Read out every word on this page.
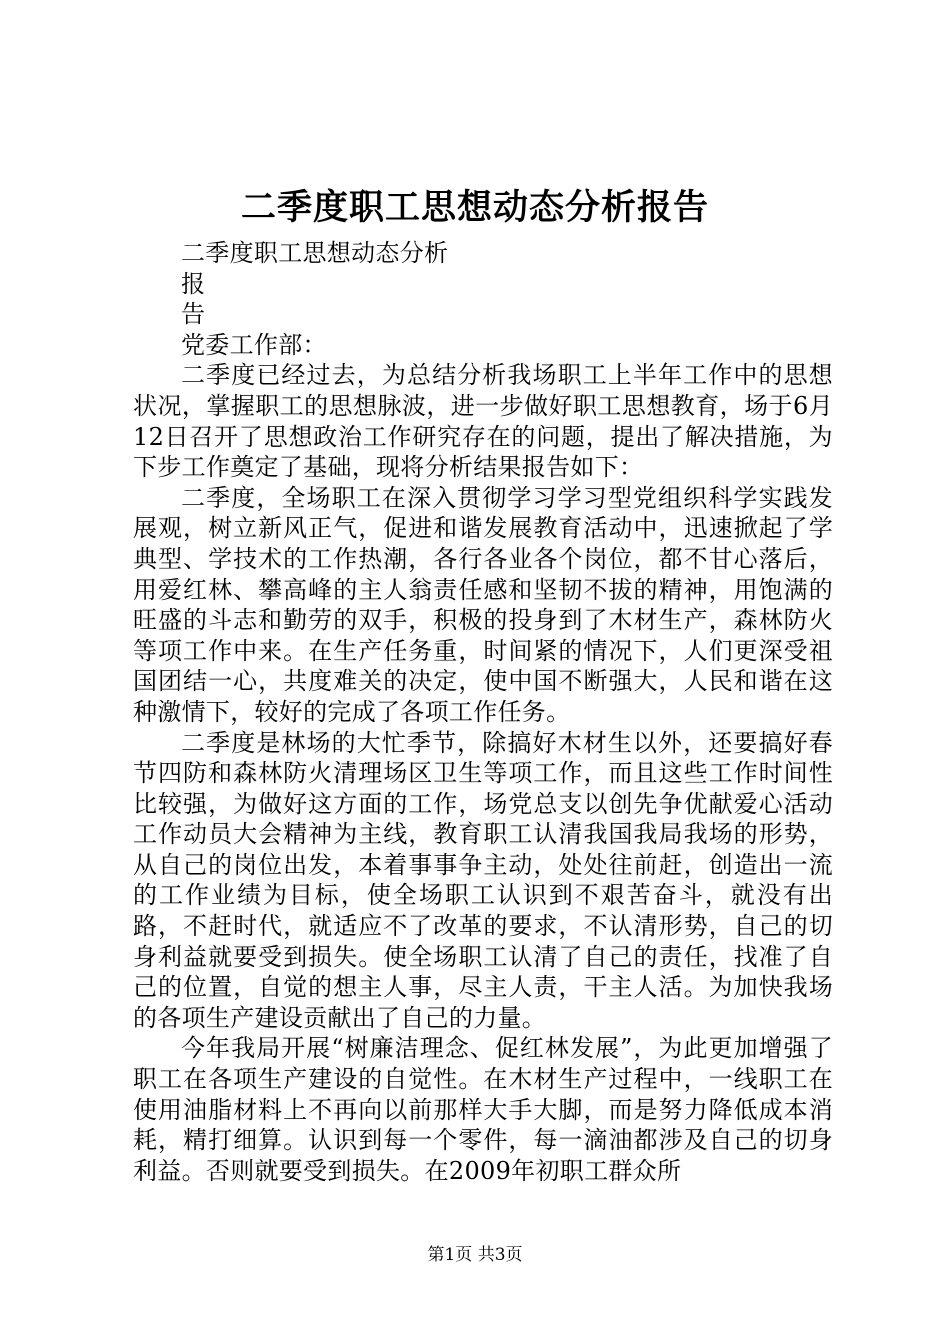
二季度职工思想动态分析报告

二季度职工思想动态分析

报

告

党委工作部：

二季度已经过去，为总结分析我场职工上半年工作中的思想状况，掌握职工的思想脉波，进一步做好职工思想教育，场于6月12日召开了思想政治工作研究存在的问题，提出了解决措施，为下步工作奠定了基础，现将分析结果报告如下：

二季度，全场职工在深入贯彻学习学习型党组织科学实践发展观，树立新风正气，促进和谐发展教育活动中，迅速掀起了学典型、学技术的工作热潮，各行各业各个岗位，都不甘心落后，用爱红林、攀高峰的主人翁责任感和坚韧不拔的精神，用饱满的旺盛的斗志和勤劳的双手，积极的投身到了木材生产，森林防火等项工作中来。在生产任务重，时间紧的情况下，人们更深受祖国团结一心，共度难关的决定，使中国不断强大，人民和谐在这种激情下，较好的完成了各项工作任务。

二季度是林场的大忙季节，除搞好木材生以外，还要搞好春节四防和森林防火清理场区卫生等项工作，而且这些工作时间性比较强，为做好这方面的工作，场党总支以创先争优献爱心活动工作动员大会精神为主线，教育职工认清我国我局我场的形势，从自己的岗位出发，本着事事争主动，处处往前赶，创造出一流的工作业绩为目标，使全场职工认识到不艰苦奋斗，就没有出路，不赶时代，就适应不了改革的要求，不认清形势，自己的切身利益就要受到损失。使全场职工认清了自己的责任，找准了自己的位置，自觉的想主人事，尽主人责，干主人活。为加快我场的各项生产建设贡献出了自己的力量。

今年我局开展“树廉洁理念、促红林发展”，为此更加增强了职工在各项生产建设的自觉性。在木材生产过程中，一线职工在使用油脂材料上不再向以前那样大手大脚，而是努力降低成本消耗，精打细算。认识到每一个零件，每一滴油都涉及自己的切身利益。否则就要受到损失。在2009年初职工群众所

第1页 共3页
